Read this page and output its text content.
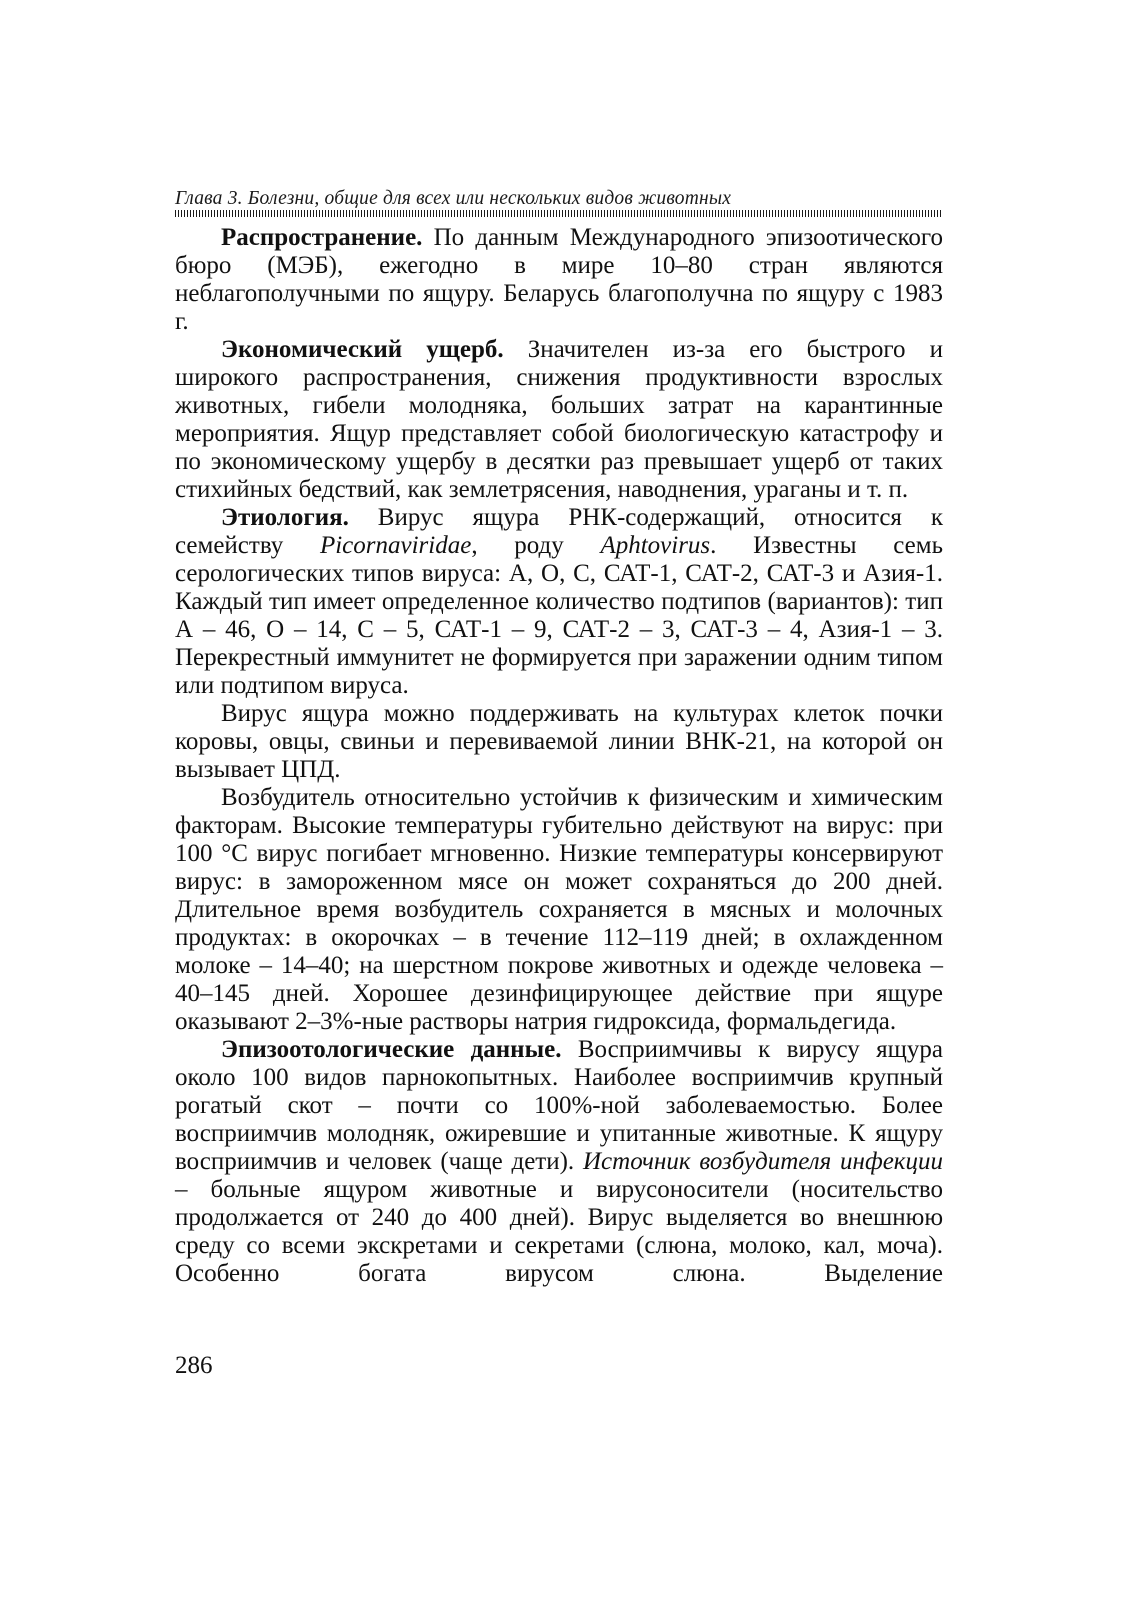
Глава 3. Болезни, общие для всех или нескольких видов животных

Распространение. По данным Международного эпизоотического бюро (МЭБ), ежегодно в мире 10–80 стран являются неблагополучными по ящуру. Беларусь благополучна по ящуру с 1983 г.

Экономический ущерб. Значителен из-за его быстрого и широкого распространения, снижения продуктивности взрослых животных, гибели молодняка, больших затрат на карантинные мероприятия. Ящур представляет собой биологическую катастрофу и по экономическому ущербу в десятки раз превышает ущерб от таких стихийных бедствий, как землетрясения, наводнения, ураганы и т. п.

Этиология. Вирус ящура РНК-содержащий, относится к семейству Picornaviridae, роду Aphtovirus. Известны семь серологических типов вируса: А, О, С, САТ-1, САТ-2, САТ-3 и Азия-1. Каждый тип имеет определенное количество подтипов (вариантов): тип А – 46, О – 14, С – 5, САТ-1 – 9, САТ-2 – 3, САТ-3 – 4, Азия-1 – 3. Перекрестный иммунитет не формируется при заражении одним типом или подтипом вируса.

Вирус ящура можно поддерживать на культурах клеток почки коровы, овцы, свиньи и перевиваемой линии ВНК-21, на которой он вызывает ЦПД.

Возбудитель относительно устойчив к физическим и химическим факторам. Высокие температуры губительно действуют на вирус: при 100 °С вирус погибает мгновенно. Низкие температуры консервируют вирус: в замороженном мясе он может сохраняться до 200 дней. Длительное время возбудитель сохраняется в мясных и молочных продуктах: в окорочках – в течение 112–119 дней; в охлажденном молоке – 14–40; на шерстном покрове животных и одежде человека – 40–145 дней. Хорошее дезинфицирующее действие при ящуре оказывают 2–3%-ные растворы натрия гидроксида, формальдегида.

Эпизоотологические данные. Восприимчивы к вирусу ящура около 100 видов парнокопытных. Наиболее восприимчив крупный рогатый скот – почти со 100%-ной заболеваемостью. Более восприимчив молодняк, ожиревшие и упитанные животные. К ящуру восприимчив и человек (чаще дети). Источник возбудителя инфекции – больные ящуром животные и вирусоносители (носительство продолжается от 240 до 400 дней). Вирус выделяется во внешнюю среду со всеми экскретами и секретами (слюна, молоко, кал, моча). Особенно богата вирусом слюна. Выделение

286
